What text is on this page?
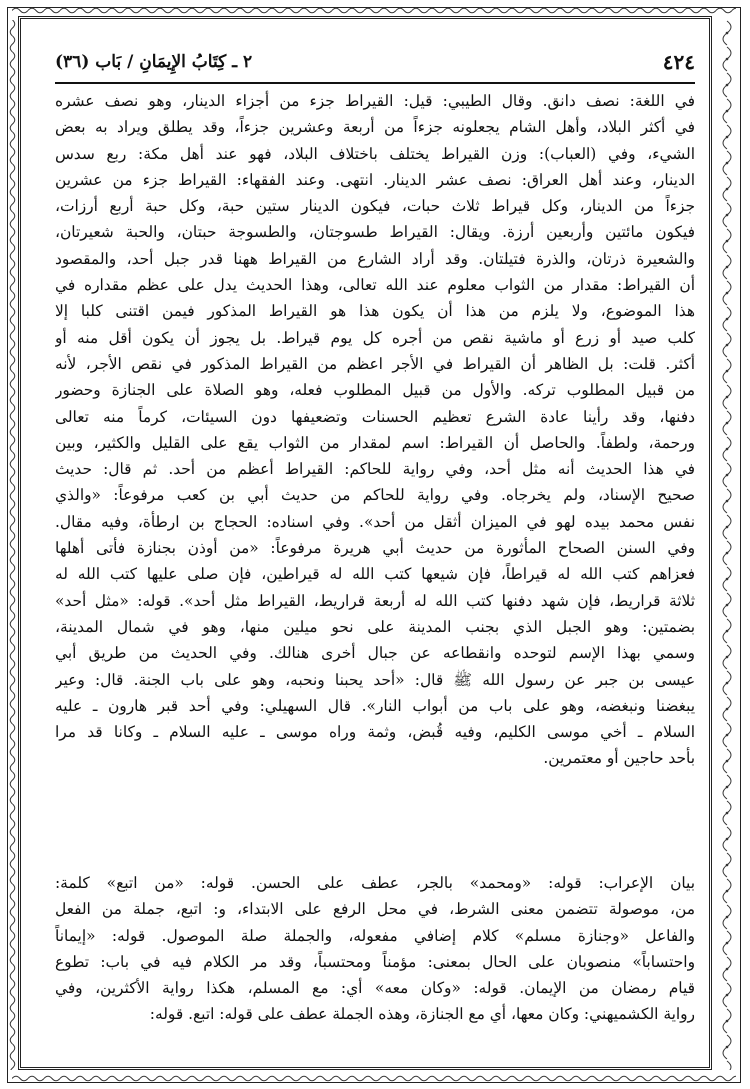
٤٢٤
٢ ـ كِتَابُ الإِيمَانِ / بَاب (٣٦)
في اللغة: نصف دانق. وقال الطيبي: قيل: القيراط جزء من أجزاء الدينار، وهو نصف عشره
في أكثر البلاد، وأهل الشام يجعلونه جزءاً من أربعة وعشرين جزءاً، وقد يطلق ويراد به بعض
الشيء، وفي (العباب): وزن القيراط يختلف باختلاف البلاد، فهو عند أهل مكة: ربع سدس
الدينار، وعند أهل العراق: نصف عشر الدينار. انتهى. وعند الفقهاء: القيراط جزء من عشرين
جزءاً من الدينار، وكل قيراط ثلاث حبات، فيكون الدينار ستين حبة، وكل حبة أربع أرزات،
فيكون مائتين وأربعين أرزة. ويقال: القيراط طسوجتان، والطسوجة حبتان، والحبة شعيرتان،
والشعيرة ذرتان، والذرة فتيلتان. وقد أراد الشارع من القيراط ههنا قدر جبل أحد، والمقصود
أن القيراط: مقدار من الثواب معلوم عند الله تعالى، وهذا الحديث يدل على عظم مقداره في
هذا الموضوع، ولا يلزم من هذا أن يكون هذا هو القيراط المذكور فيمن اقتنى كلبا إلا
كلب صيد أو زرع أو ماشية نقص من أجره كل يوم قيراط. بل يجوز أن يكون أقل منه أو
أكثر. قلت: بل الظاهر أن القيراط في الأجر اعظم من القيراط المذكور في نقص الأجر، لأنه
من قبيل المطلوب تركه. والأول من قبيل المطلوب فعله، وهو الصلاة على الجنازة وحضور
دفنها، وقد رأينا عادة الشرع تعظيم الحسنات وتضعيفها دون السيئات، كرماً منه تعالى
ورحمة، ولطفاً. والحاصل أن القيراط: اسم لمقدار من الثواب يقع على القليل والكثير، وبين
في هذا الحديث أنه مثل أحد، وفي رواية للحاكم: القيراط أعظم من أحد. ثم قال: حديث
صحيح الإسناد، ولم يخرجاه. وفي رواية للحاكم من حديث أبي بن كعب مرفوعاً: «والذي
نفس محمد بيده لهو في الميزان أثقل من أحد». وفي اسناده: الحجاج بن ارطأة، وفيه مقال.
وفي السنن الصحاح المأثورة من حديث أبي هريرة مرفوعاً: «من أوذن بجنازة فأتى أهلها
فعزاهم كتب الله له قيراطاً، فإن شيعها كتب الله له قيراطين، فإن صلى عليها كتب الله له
ثلاثة قراريط، فإن شهد دفنها كتب الله له أربعة قراريط، القيراط مثل أحد». قوله: «مثل أحد»
بضمتين: وهو الجبل الذي بجنب المدينة على نحو ميلين منها، وهو في شمال المدينة،
وسمي بهذا الإسم لتوحده وانقطاعه عن جبال أخرى هنالك. وفي الحديث من طريق أبي
عيسى بن جبر عن رسول الله ﷺ قال: «أحد يحبنا ونحبه، وهو على باب الجنة. قال: وعير
يبغضنا ونبغضه، وهو على باب من أبواب النار». قال السهيلي: وفي أحد قبر هارون ـ عليه
السلام ـ أخي موسى الكليم، وفيه قُبض، وثمة وراه موسى ـ عليه السلام ـ وكانا قد مرا
بأحد حاجين أو معتمرين.
بيان الإعراب: قوله: «ومحمد» بالجر، عطف على الحسن. قوله: «من اتبع» كلمة:
من، موصولة تتضمن معنى الشرط، في محل الرفع على الابتداء، و: اتبع، جملة من الفعل
والفاعل «وجنازة مسلم» كلام إضافي مفعوله، والجملة صلة الموصول. قوله: «إيماناً
واحتساباً» منصوبان على الحال بمعنى: مؤمناً ومحتسباً، وقد مر الكلام فيه في باب: تطوع
قيام رمضان من الإيمان. قوله: «وكان معه» أي: مع المسلم، هكذا رواية الأكثرين، وفي
رواية الكشميهني: وكان معها، أي مع الجنازة، وهذه الجملة عطف على قوله: اتبع. قوله:
